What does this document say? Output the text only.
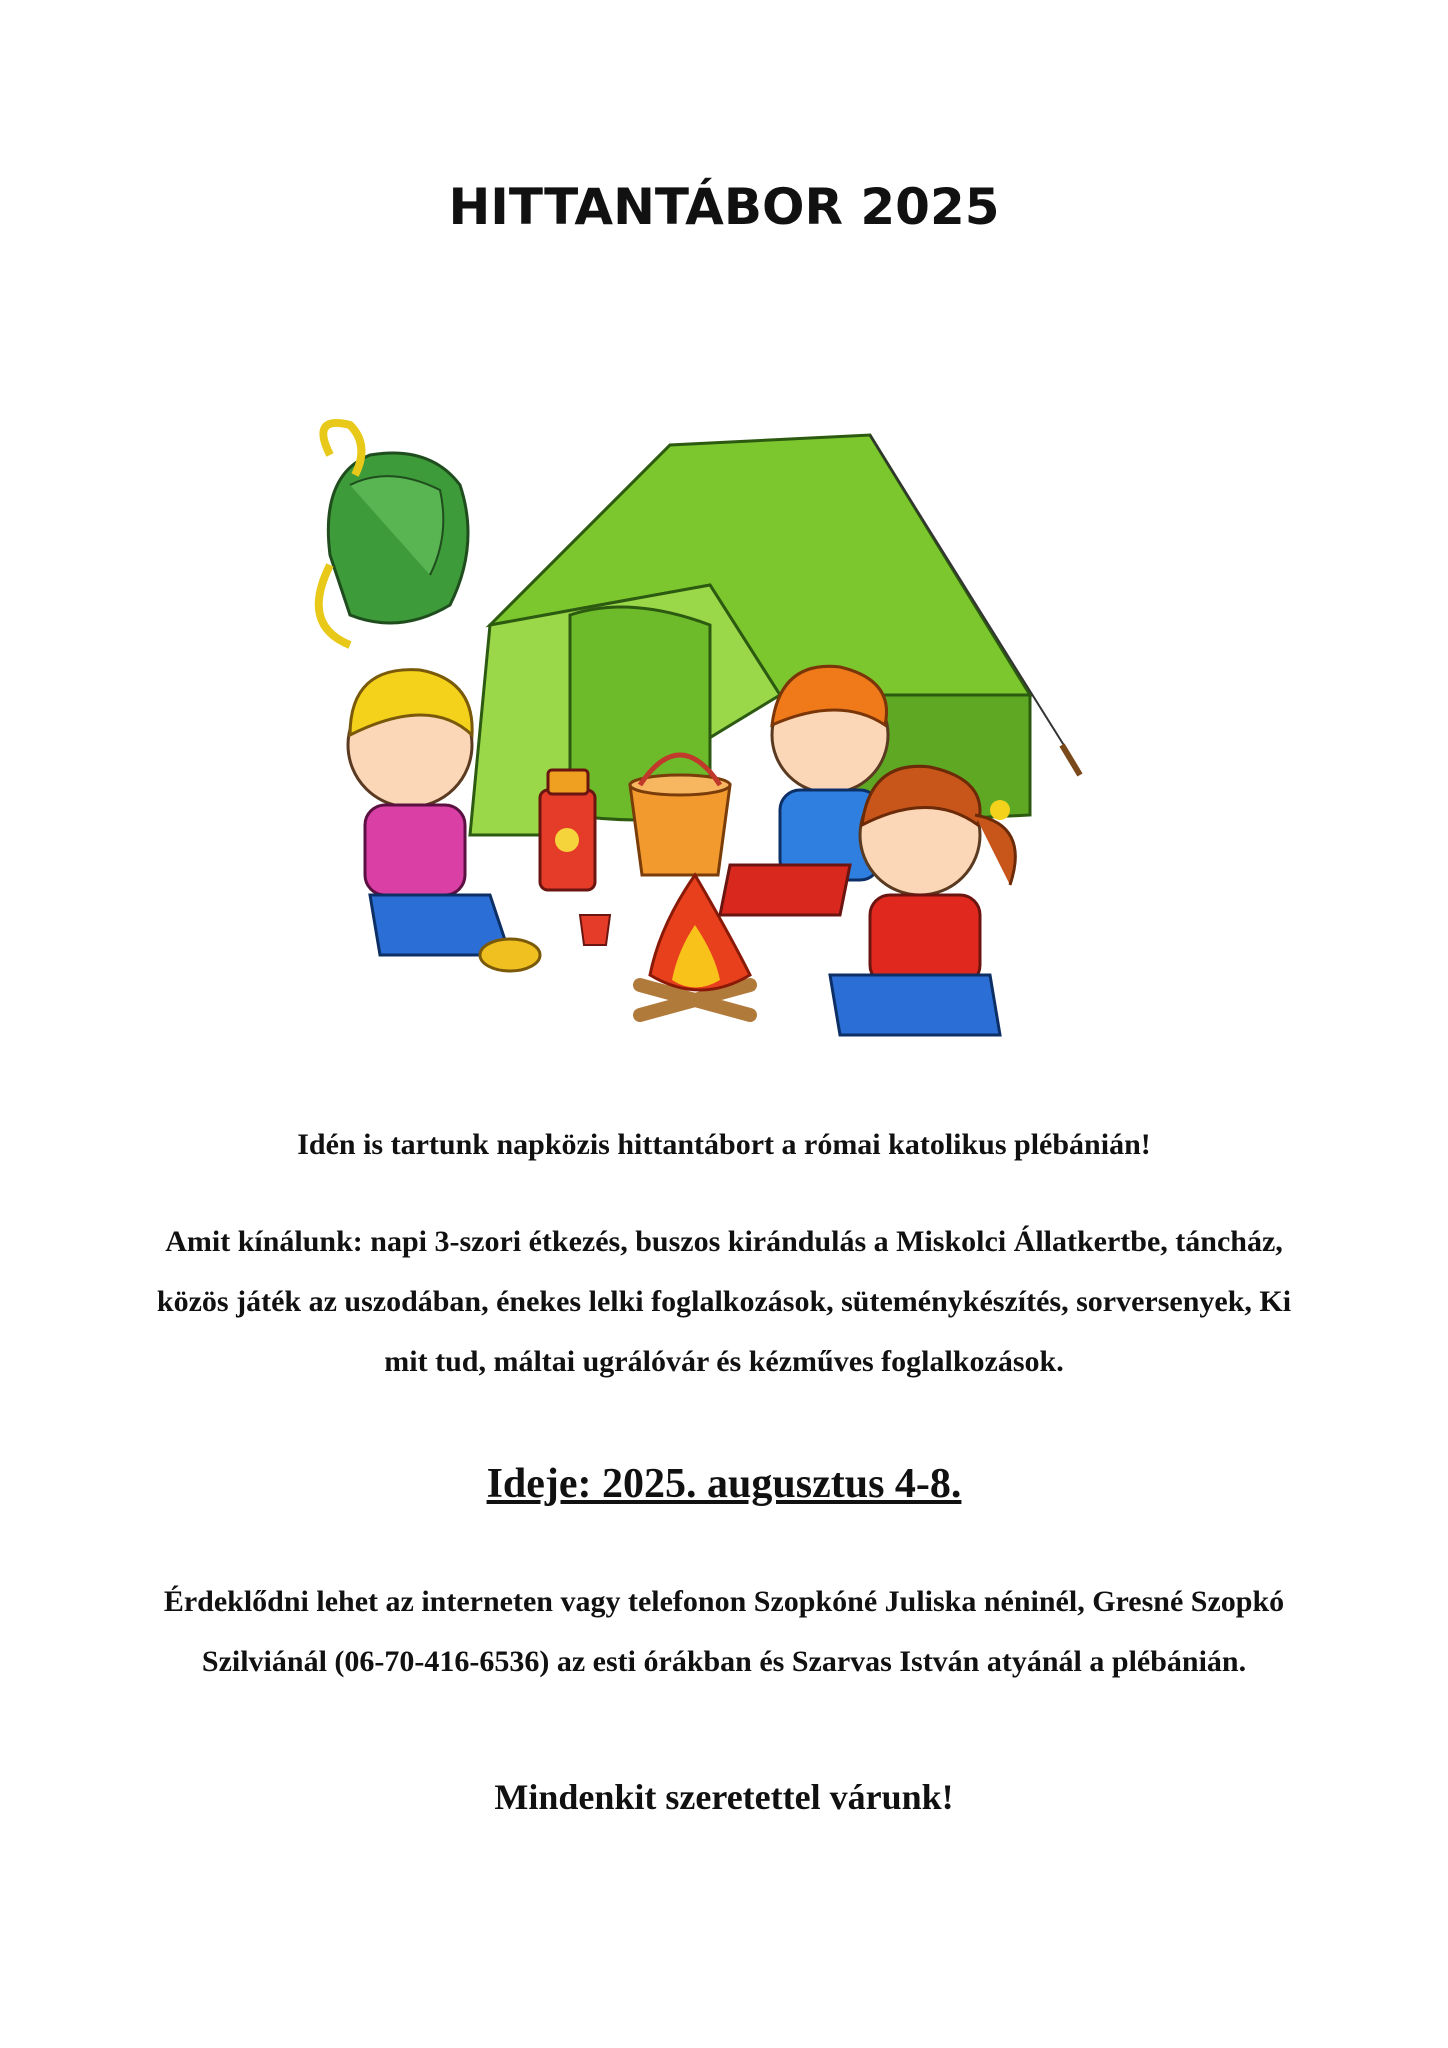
HITTANTÁBOR 2025
Idén is tartunk napközis hittantábort a római katolikus plébánián!
Amit kínálunk: napi 3-szori étkezés, buszos kirándulás a Miskolci Állatkertbe, táncház, közös játék az uszodában, énekes lelki foglalkozások, süteménykészítés, sorversenyek, Ki mit tud, máltai ugrálóvár és kézműves foglalkozások.
Ideje: 2025. augusztus 4-8.
Érdeklődni lehet az interneten vagy telefonon Szopkóné Juliska néninél, Gresné Szopkó Szilviánál (06-70-416-6536) az esti órákban és Szarvas István atyánál a plébánián.
Mindenkit szeretettel várunk!
